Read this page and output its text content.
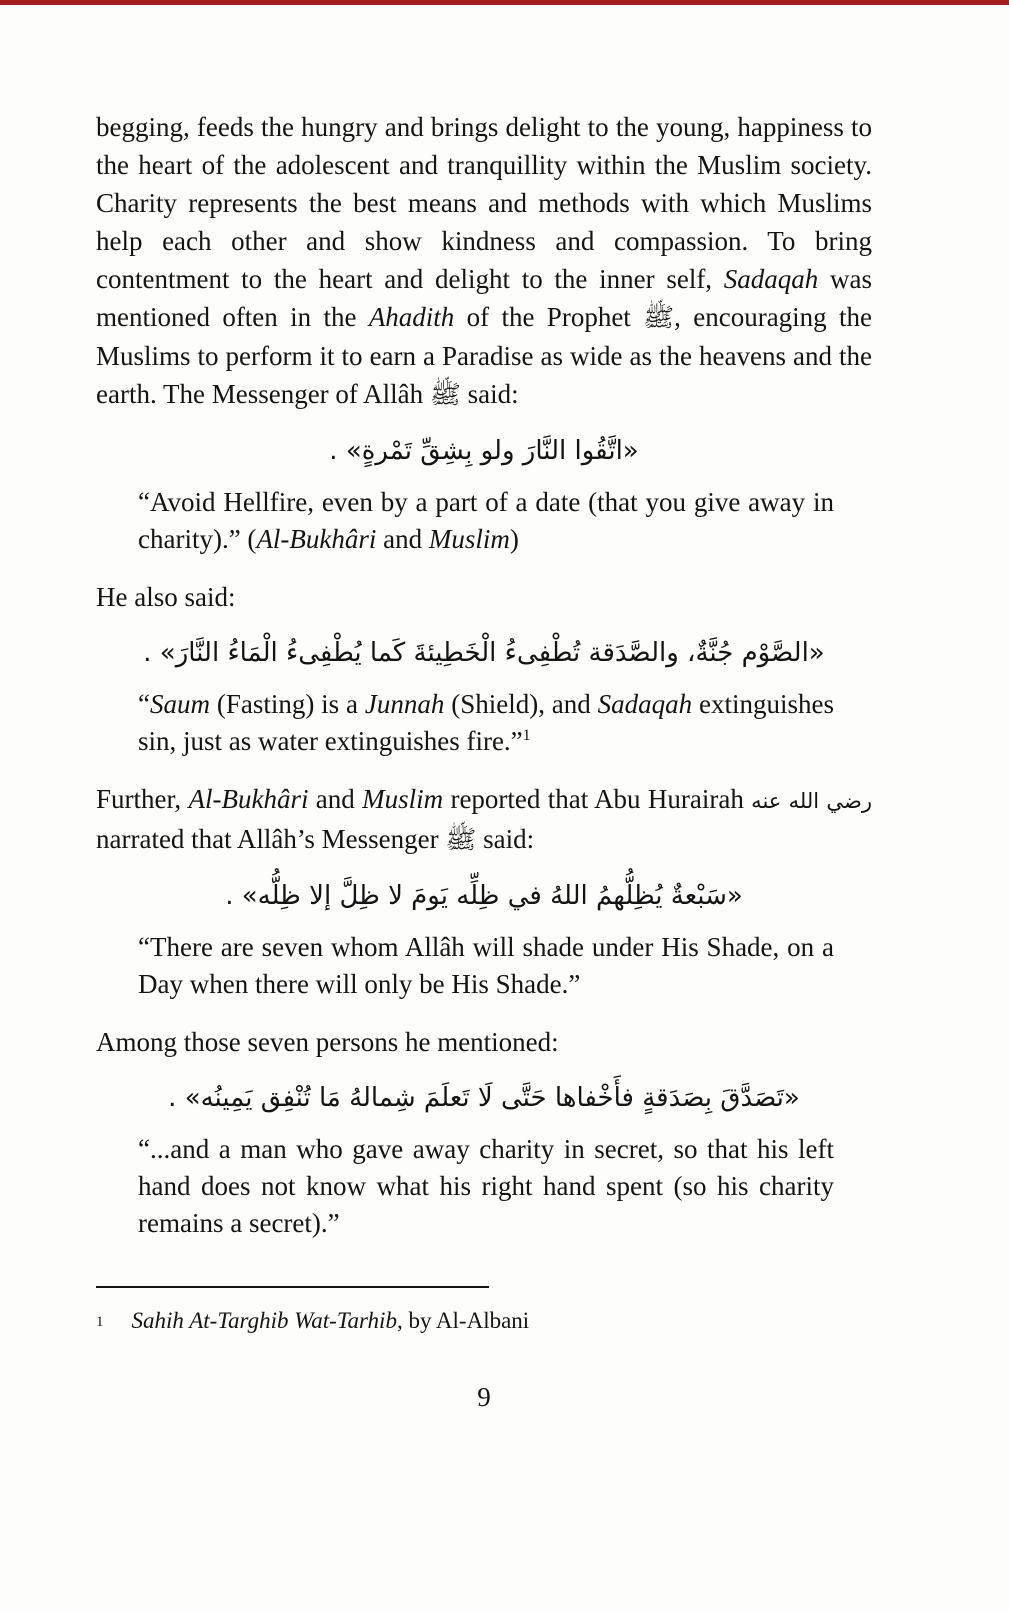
begging, feeds the hungry and brings delight to the young, happiness to the heart of the adolescent and tranquillity within the Muslim society. Charity represents the best means and methods with which Muslims help each other and show kindness and compassion. To bring contentment to the heart and delight to the inner self, Sadaqah was mentioned often in the Ahadith of the Prophet ﷺ, encouraging the Muslims to perform it to earn a Paradise as wide as the heavens and the earth. The Messenger of Allâh ﷺ said:

«اتَّقُوا النَّارَ ولو بِشِقِّ تَمْرةٍ» .

“Avoid Hellfire, even by a part of a date (that you give away in charity).” (Al-Bukhâri and Muslim)

He also said:

«الصَّوْم جُنَّةٌ، والصَّدَقة تُطْفِىءُ الْخَطِيئةَ كَما يُطْفِىءُ الْمَاءُ النَّارَ» .

“Saum (Fasting) is a Junnah (Shield), and Sadaqah extinguishes sin, just as water extinguishes fire.”$^1$

Further, Al-Bukhâri and Muslim reported that Abu Hurairah رضي الله عنه narrated that Allâh’s Messenger ﷺ said:

«سَبْعةٌ يُظِلُّهمُ اللهُ في ظِلِّه يَومَ لا ظِلَّ إلا ظِلُّه» .

“There are seven whom Allâh will shade under His Shade, on a Day when there will only be His Shade.”

Among those seven persons he mentioned:

«تَصَدَّقَ بِصَدَقةٍ فأَخْفاها حَتَّى لَا تَعلَمَ شِمالهُ مَا تُنْفِق يَمِينُه» .

“...and a man who gave away charity in secret, so that his left hand does not know what his right hand spent (so his charity remains a secret).”
1 Sahih At-Targhib Wat-Tarhib, by Al-Albani
9
